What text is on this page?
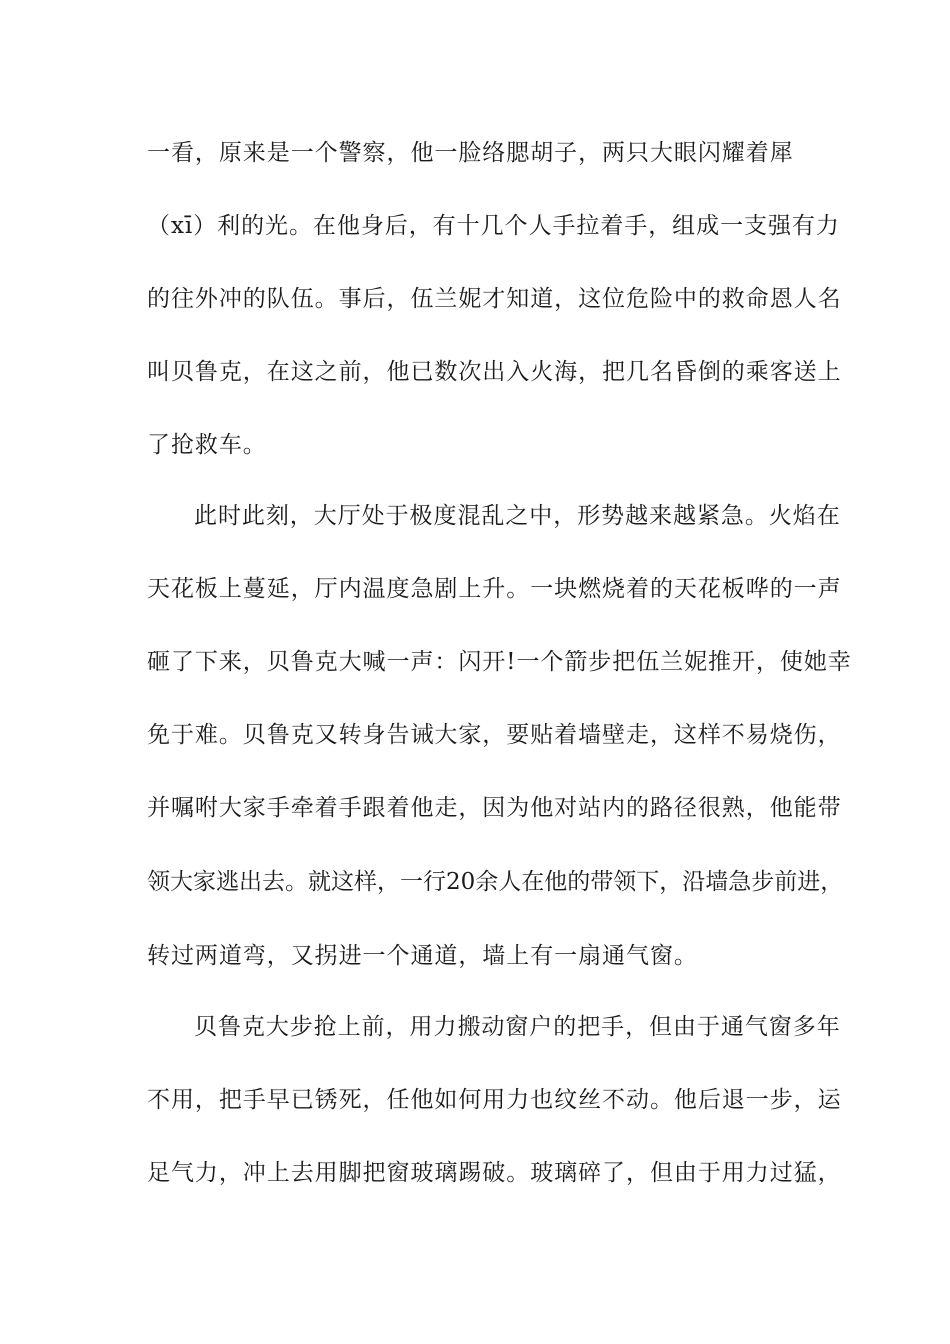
一看，原来是一个警察，他一脸络腮胡子，两只大眼闪耀着犀
（xī）利的光。在他身后，有十几个人手拉着手，组成一支强有力
的往外冲的队伍。事后，伍兰妮才知道，这位危险中的救命恩人名
叫贝鲁克，在这之前，他已数次出入火海，把几名昏倒的乘客送上
了抢救车。
此时此刻，大厅处于极度混乱之中，形势越来越紧急。火焰在
天花板上蔓延，厅内温度急剧上升。一块燃烧着的天花板哗的一声
砸了下来，贝鲁克大喊一声：闪开!一个箭步把伍兰妮推开，使她幸
免于难。贝鲁克又转身告诫大家，要贴着墙壁走，这样不易烧伤，
并嘱咐大家手牵着手跟着他走，因为他对站内的路径很熟，他能带
领大家逃出去。就这样，一行20余人在他的带领下，沿墙急步前进，
转过两道弯，又拐进一个通道，墙上有一扇通气窗。
贝鲁克大步抢上前，用力搬动窗户的把手，但由于通气窗多年
不用，把手早已锈死，任他如何用力也纹丝不动。他后退一步，运
足气力，冲上去用脚把窗玻璃踢破。玻璃碎了，但由于用力过猛，
